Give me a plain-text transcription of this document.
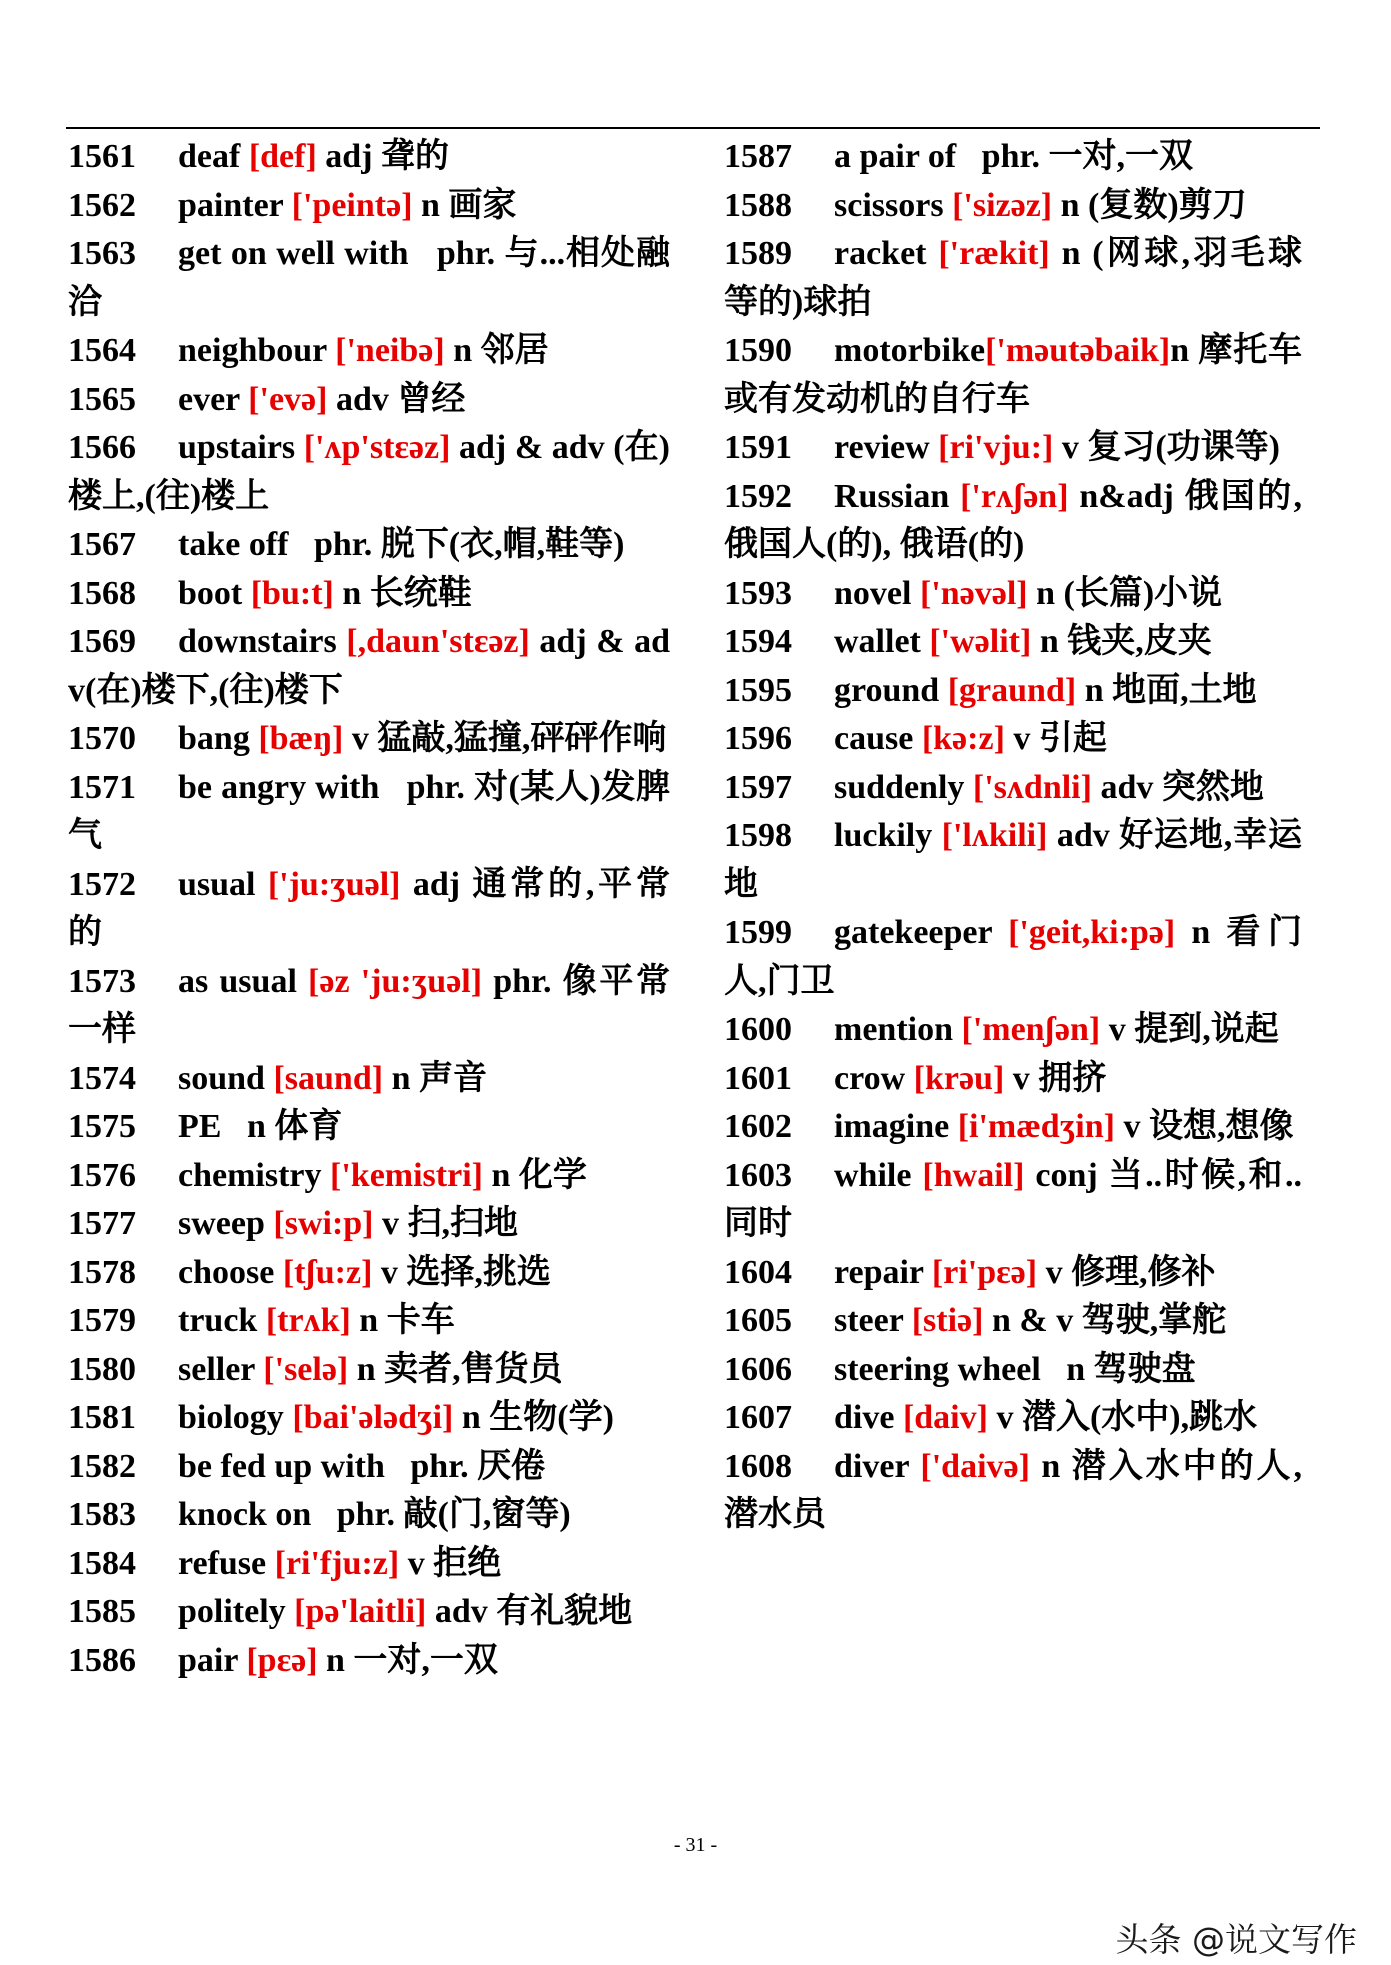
1561 deaf [def] adj 聋的
1562 painter ['peintə] n 画家
1563 get on well with   phr. 与...相处融洽
1564 neighbour ['neibə] n 邻居
1565 ever ['evə] adv 曾经
1566 upstairs ['ʌp'stɛəz] adj & adv (在)楼上,(往)楼上
1567 take off   phr. 脱下(衣,帽,鞋等)
1568 boot [bu:t] n 长统鞋
1569 downstairs [,daun'stɛəz] adj & adv(在)楼下,(往)楼下
1570 bang [bæŋ] v 猛敲,猛撞,砰砰作响
1571 be angry with   phr. 对(某人)发脾气
1572 usual ['ju:ʒuəl] adj 通常的,平常的
1573 as usual [əz 'ju:ʒuəl] phr. 像平常一样
1574 sound [saund] n 声音
1575 PE   n 体育
1576 chemistry ['kemistri] n 化学
1577 sweep [swi:p] v 扫,扫地
1578 choose [tʃu:z] v 选择,挑选
1579 truck [trʌk] n 卡车
1580 seller ['selə] n 卖者,售货员
1581 biology [bai'ələdʒi] n 生物(学)
1582 be fed up with   phr. 厌倦
1583 knock on   phr. 敲(门,窗等)
1584 refuse [ri'fju:z] v 拒绝
1585 politely [pə'laitli] adv 有礼貌地
1586 pair [pɛə] n 一对,一双
1587 a pair of   phr. 一对,一双
1588 scissors ['sizəz] n (复数)剪刀
1589 racket ['rækit] n (网球,羽毛球等的)球拍
1590 motorbike['məutəbaik]n 摩托车或有发动机的自行车
1591 review [ri'vju:] v 复习(功课等)
1592 Russian ['rʌʃən] n&adj 俄国的,俄国人(的), 俄语(的)
1593 novel ['nəvəl] n (长篇)小说
1594 wallet ['wəlit] n 钱夹,皮夹
1595 ground [graund] n 地面,土地
1596 cause [kə:z] v 引起
1597 suddenly ['sʌdnli] adv 突然地
1598 luckily ['lʌkili] adv 好运地,幸运地
1599 gatekeeper ['geit,ki:pə] n 看门人,门卫
1600 mention ['menʃən] v 提到,说起
1601 crow [krəu] v 拥挤
1602 imagine [i'mædʒin] v 设想,想像
1603 while [hwail] conj 当..时候,和..同时
1604 repair [ri'pɛə] v 修理,修补
1605 steer [stiə] n & v 驾驶,掌舵
1606 steering wheel   n 驾驶盘
1607 dive [daiv] v 潜入(水中),跳水
1608 diver ['daivə] n 潜入水中的人,潜水员
- 31 -
头条 @说文写作
